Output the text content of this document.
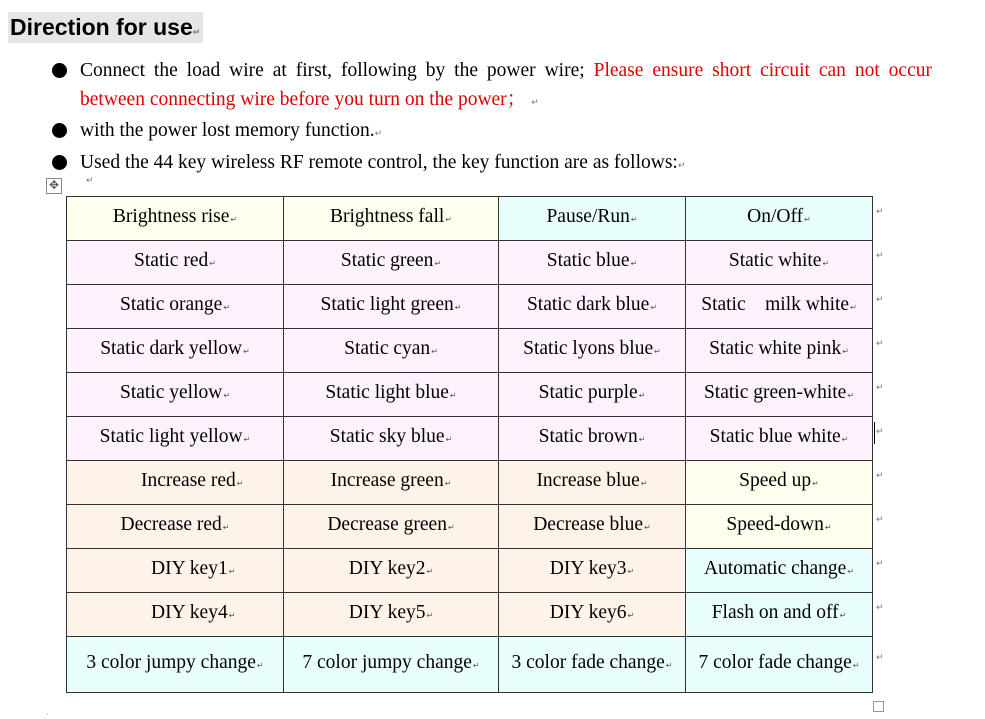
Direction for use↵
Connect the load wire at first, following by the power wire; Please ensure short circuit can not occur between connecting wire before you turn on the power； ↵
with the power lost memory function.↵
Used the 44 key wireless RF remote control, the key function are as follows:↵
✥	↵
Brightness rise↵	Brightness fall↵	Pause/Run↵	On/Off↵
Static red↵	Static green↵	Static blue↵	Static white↵
Static orange↵	Static light green↵	Static dark blue↵	Static    milk white↵
Static dark yellow↵	Static cyan↵	Static lyons blue↵	Static white pink↵
Static yellow↵	Static light blue↵	Static purple↵	Static green-white↵
Static light yellow↵	Static sky blue↵	Static brown↵	Static blue white↵
Increase red↵	Increase green↵	Increase blue↵	Speed up↵
Decrease red↵	Decrease green↵	Decrease blue↵	Speed-down↵
DIY key1↵	DIY key2↵	DIY key3↵	Automatic change↵
DIY key4↵	DIY key5↵	DIY key6↵	Flash on and off↵
3 color jumpy change↵	7 color jumpy change↵	3 color fade change↵	7 color fade change↵
↵
↵
↵
↵
↵
↵
↵
↵
↵
↵
↵
·
